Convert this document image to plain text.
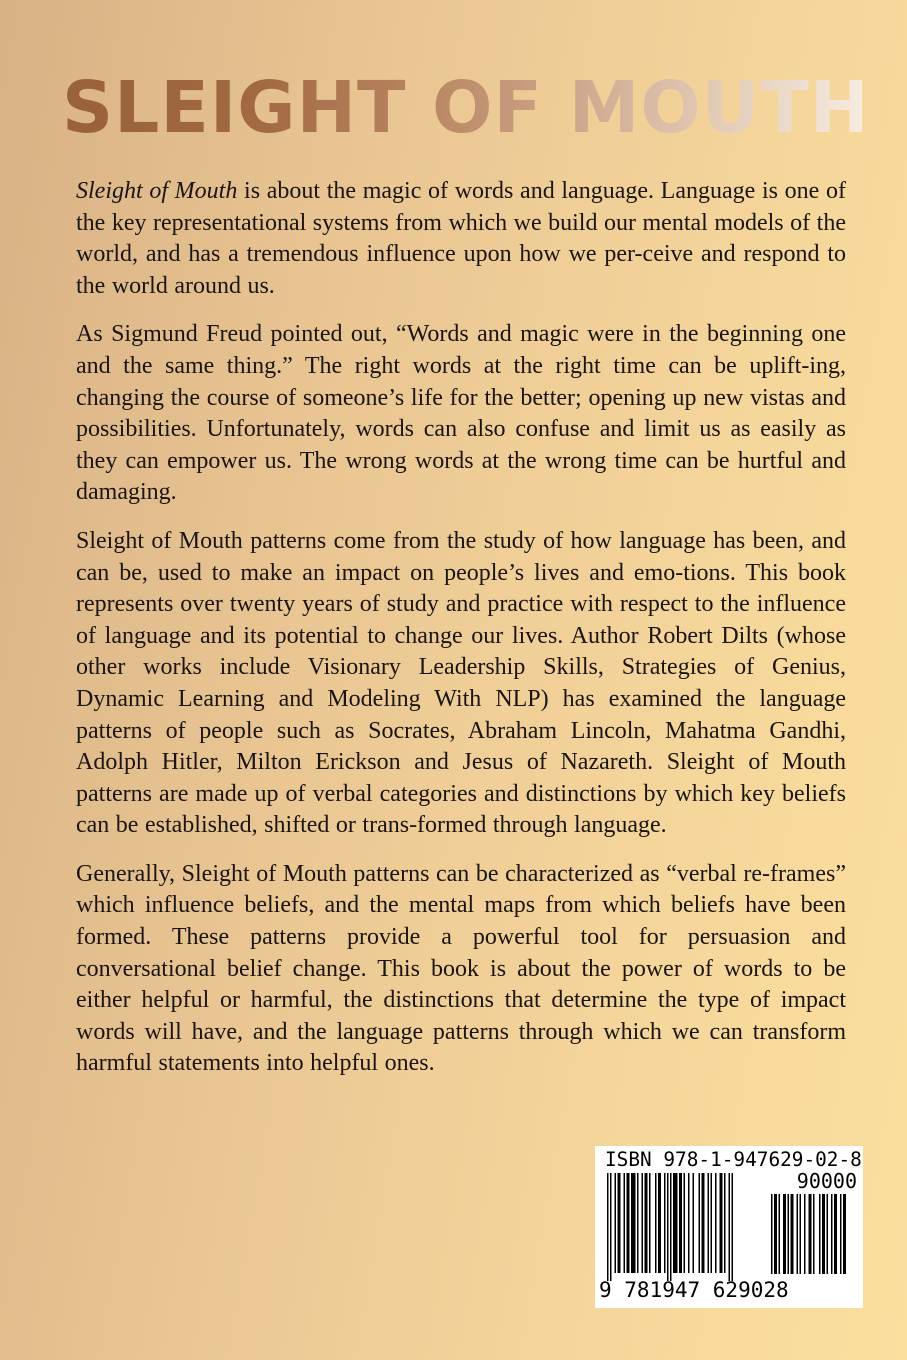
SLEIGHT OF MOUTH

Sleight of Mouth is about the magic of words and language. Language is one of the key representational systems from which we build our mental models of the world, and has a tremendous influence upon how we per-ceive and respond to the world around us.

As Sigmund Freud pointed out, “Words and magic were in the beginning one and the same thing.” The right words at the right time can be uplift-ing, changing the course of someone’s life for the better; opening up new vistas and possibilities. Unfortunately, words can also confuse and limit us as easily as they can empower us. The wrong words at the wrong time can be hurtful and damaging.

Sleight of Mouth patterns come from the study of how language has been, and can be, used to make an impact on people’s lives and emo-tions. This book represents over twenty years of study and practice with respect to the influence of language and its potential to change our lives. Author Robert Dilts (whose other works include Visionary Leadership Skills, Strategies of Genius, Dynamic Learning and Modeling With NLP) has examined the language patterns of people such as Socrates, Abraham Lincoln, Mahatma Gandhi, Adolph Hitler, Milton Erickson and Jesus of Nazareth. Sleight of Mouth patterns are made up of verbal categories and distinctions by which key beliefs can be established, shifted or trans-formed through language.

Generally, Sleight of Mouth patterns can be characterized as “verbal re-frames” which influence beliefs, and the mental maps from which beliefs have been formed. These patterns provide a powerful tool for persuasion and conversational belief change. This book is about the power of words to be either helpful or harmful, the distinctions that determine the type of impact words will have, and the language patterns through which we can transform harmful statements into helpful ones.

ISBN 978-1-947629-02-8
90000
9 781947 629028
